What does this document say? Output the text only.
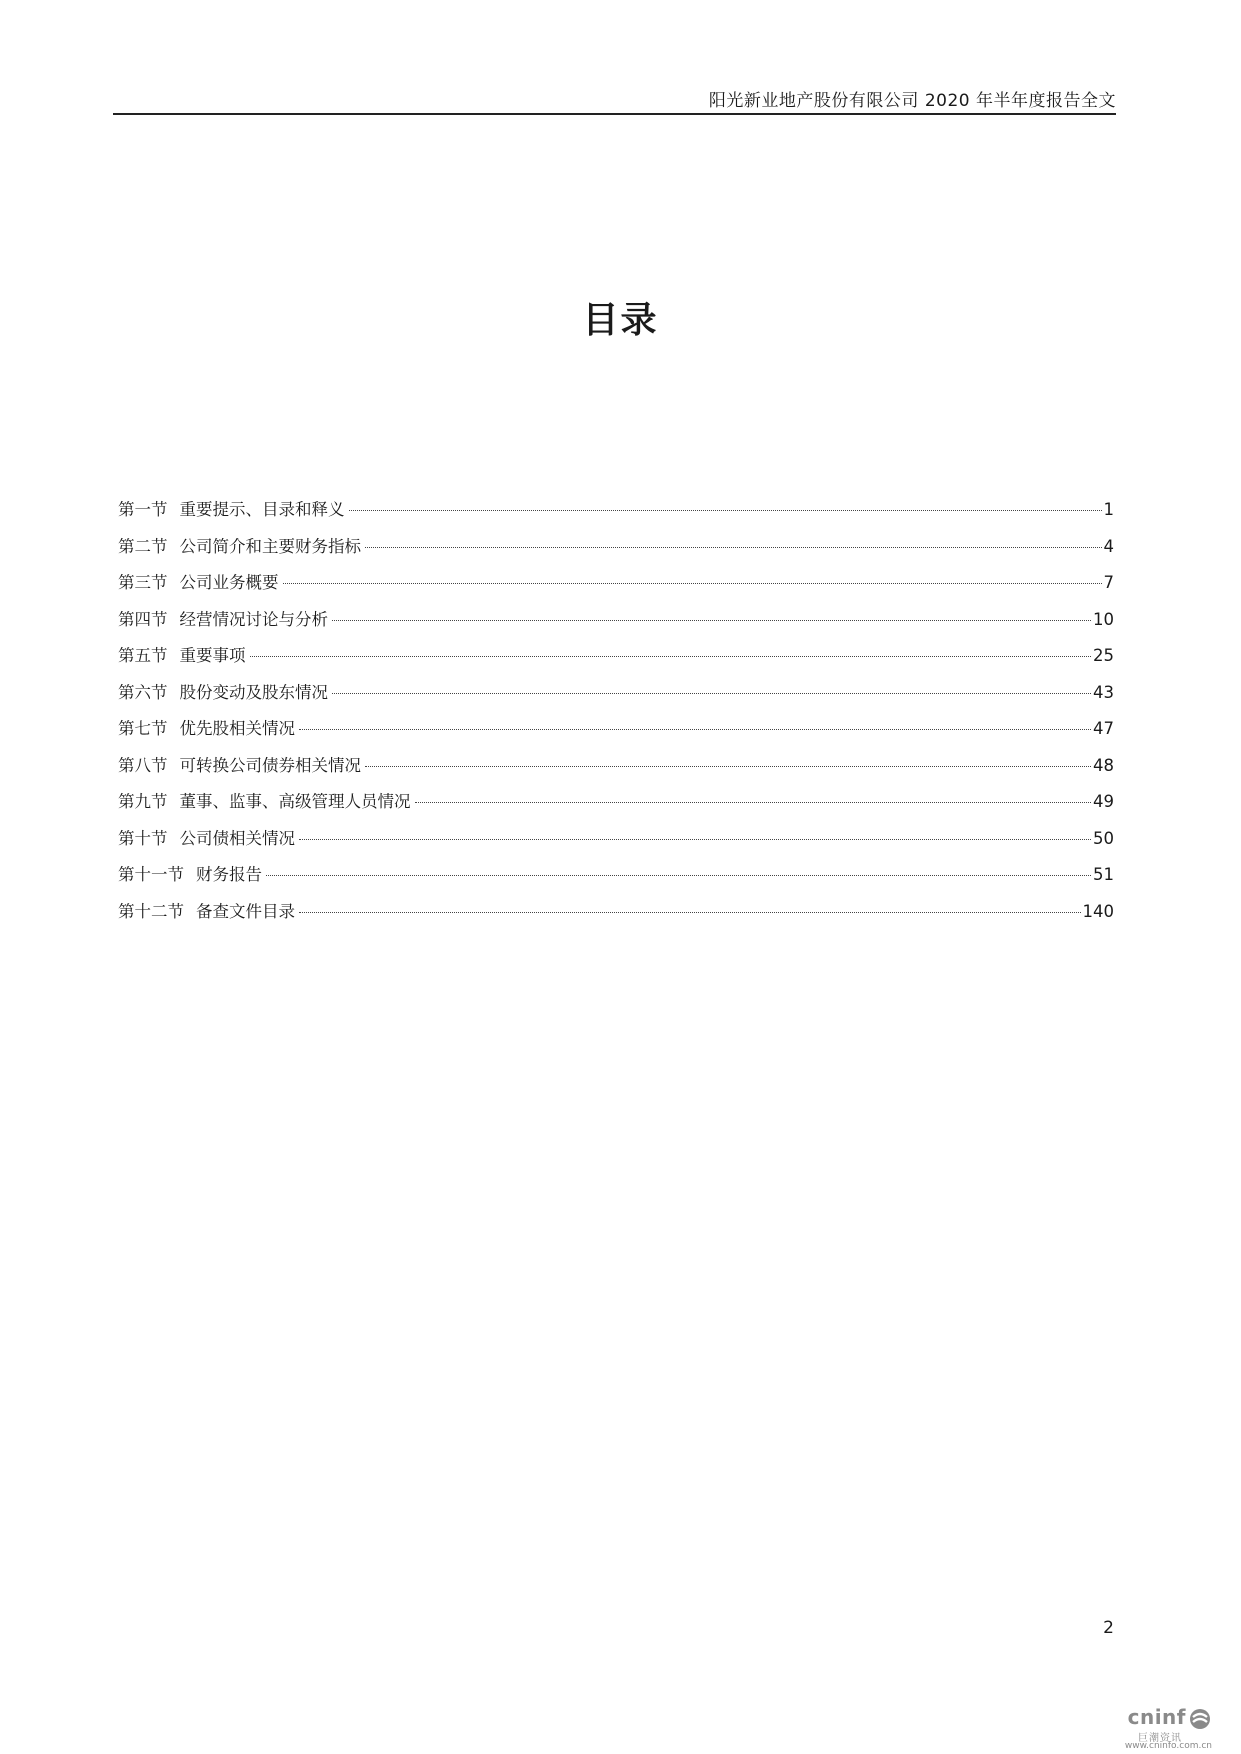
阳光新业地产股份有限公司 2020 年半年度报告全文
目录
第一节 重要提示、目录和释义	1
第二节 公司简介和主要财务指标	4
第三节 公司业务概要	7
第四节 经营情况讨论与分析	10
第五节 重要事项	25
第六节 股份变动及股东情况	43
第七节 优先股相关情况	47
第八节 可转换公司债券相关情况	48
第九节 董事、监事、高级管理人员情况	49
第十节 公司债相关情况	50
第十一节 财务报告	51
第十二节 备查文件目录	140
2
cninf
巨潮资讯
www.cninfo.com.cn
